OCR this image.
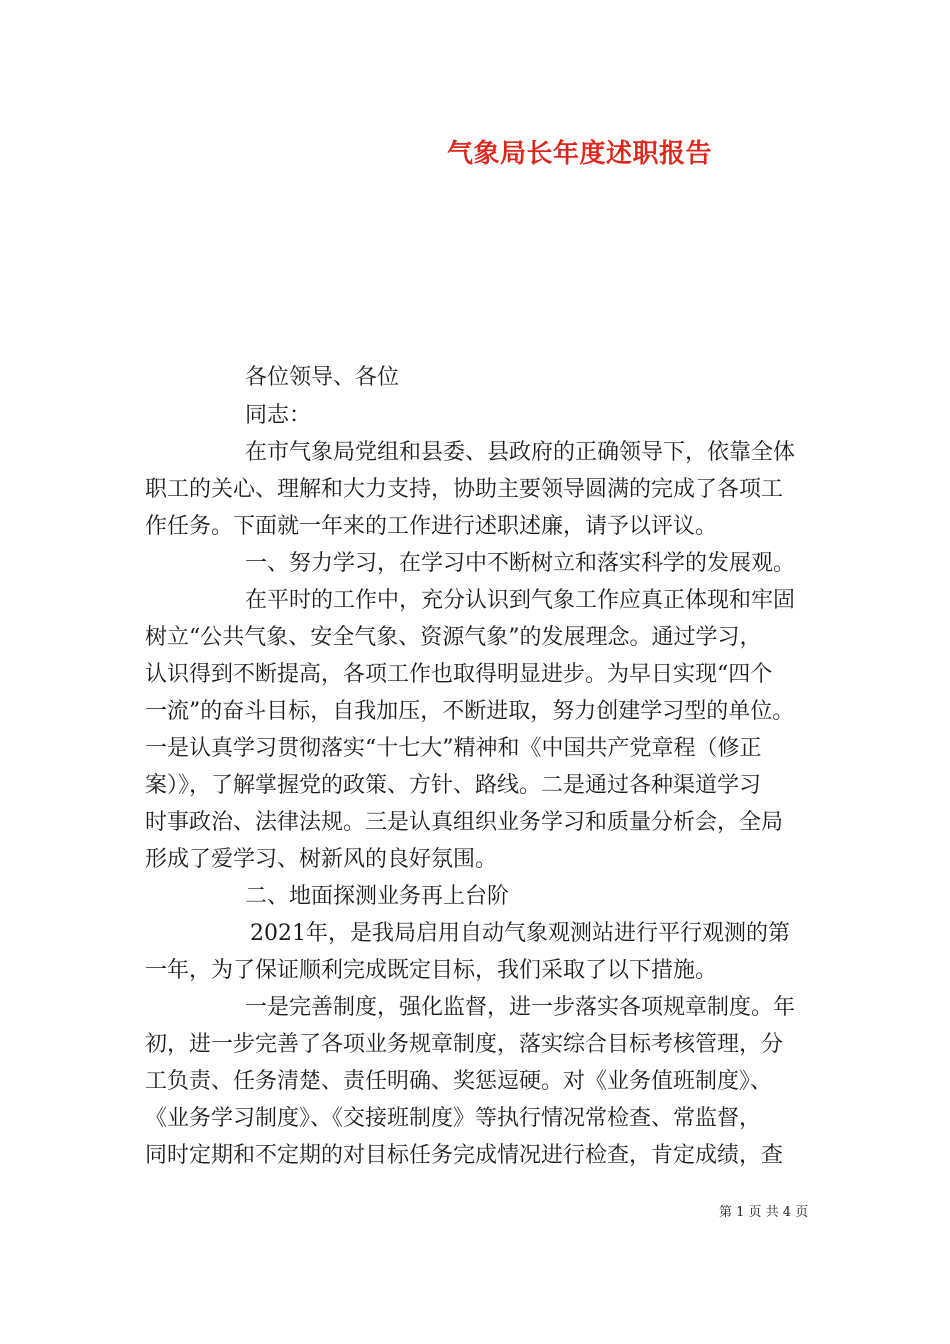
气象局长年度述职报告
各位领导、各位
同志：
在市气象局党组和县委、县政府的正确领导下，依靠全体
职工的关心、理解和大力支持，协助主要领导圆满的完成了各项工
作任务。下面就一年来的工作进行述职述廉，请予以评议。
一、努力学习，在学习中不断树立和落实科学的发展观。
在平时的工作中，充分认识到气象工作应真正体现和牢固
树立“公共气象、安全气象、资源气象”的发展理念。通过学习，
认识得到不断提高，各项工作也取得明显进步。为早日实现“四个
一流”的奋斗目标，自我加压，不断进取，努力创建学习型的单位。
一是认真学习贯彻落实“十七大”精神和《中国共产党章程（修正
案）》，了解掌握党的政策、方针、路线。二是通过各种渠道学习
时事政治、法律法规。三是认真组织业务学习和质量分析会，全局
形成了爱学习、树新风的良好氛围。
二、地面探测业务再上台阶
2021年，是我局启用自动气象观测站进行平行观测的第
一年，为了保证顺利完成既定目标，我们采取了以下措施。
一是完善制度，强化监督，进一步落实各项规章制度。年
初，进一步完善了各项业务规章制度，落实综合目标考核管理，分
工负责、任务清楚、责任明确、奖惩逗硬。对《业务值班制度》、
《业务学习制度》、《交接班制度》等执行情况常检查、常监督，
同时定期和不定期的对目标任务完成情况进行检查，肯定成绩，查
第 1 页 共 4 页
